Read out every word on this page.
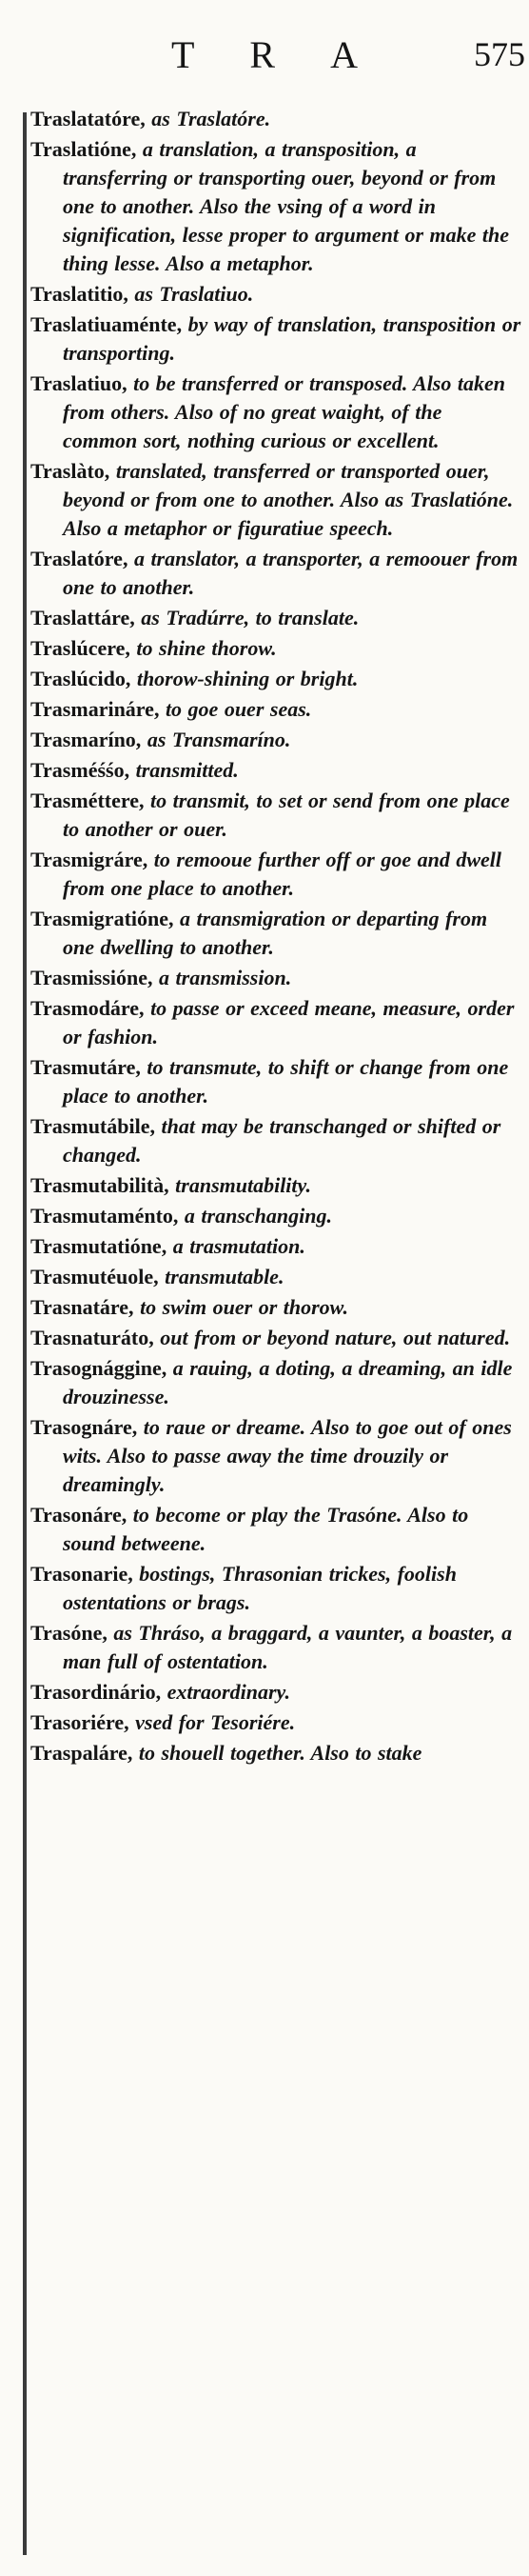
TRA	575

Traslatatóre, as Traslatóre.

Traslatióne, a translation, a transposition, a transferring or transporting ouer, beyond or from one to another. Also the vsing of a word in signification, lesse proper to argument or make the thing lesse. Also a metaphor.

Traslatitio, as Traslatiuo.

Traslatiuaménte, by way of translation, transposition or transporting.

Traslatiuo, to be transferred or transposed. Also taken from others. Also of no great waight, of the common sort, nothing curious or excellent.

Traslàto, translated, transferred or transported ouer, beyond or from one to another. Also as Traslatióne. Also a metaphor or figuratiue speech.

Traslatóre, a translator, a transporter, a remoouer from one to another.

Traslattáre, as Tradúrre, to translate.

Traslúcere, to shine thorow.

Traslúcido, thorow-shining or bright.

Trasmarináre, to goe ouer seas.

Trasmaríno, as Transmaríno.

Trasméśśo, transmitted.

Trasméttere, to transmit, to set or send from one place to another or ouer.

Trasmigráre, to remooue further off or goe and dwell from one place to another.

Trasmigratióne, a transmigration or departing from one dwelling to another.

Trasmissióne, a transmission.

Trasmodáre, to passe or exceed meane, measure, order or fashion.

Trasmutáre, to transmute, to shift or change from one place to another.

Trasmutábile, that may be transchanged or shifted or changed.

Trasmutabilità, transmutability.

Trasmutaménto, a transchanging.

Trasmutatióne, a trasmutation.

Trasmutéuole, transmutable.

Trasnatáre, to swim ouer or thorow.

Trasnaturáto, out from or beyond nature, out natured.

Trasognággine, a rauing, a doting, a dreaming, an idle drouzinesse.

Trasognáre, to raue or dreame. Also to goe out of ones wits. Also to passe away the time drouzily or dreamingly.

Trasonáre, to become or play the Trasóne. Also to sound betweene.

Trasonarie, bostings, Thrasonian trickes, foolish ostentations or brags.

Trasóne, as Thráso, a braggard, a vaunter, a boaster, a man full of ostentation.

Trasordinário, extraordinary.

Trasoriére, vsed for Tesoriére.

Traspaláre, to shouell together. Also to stake
